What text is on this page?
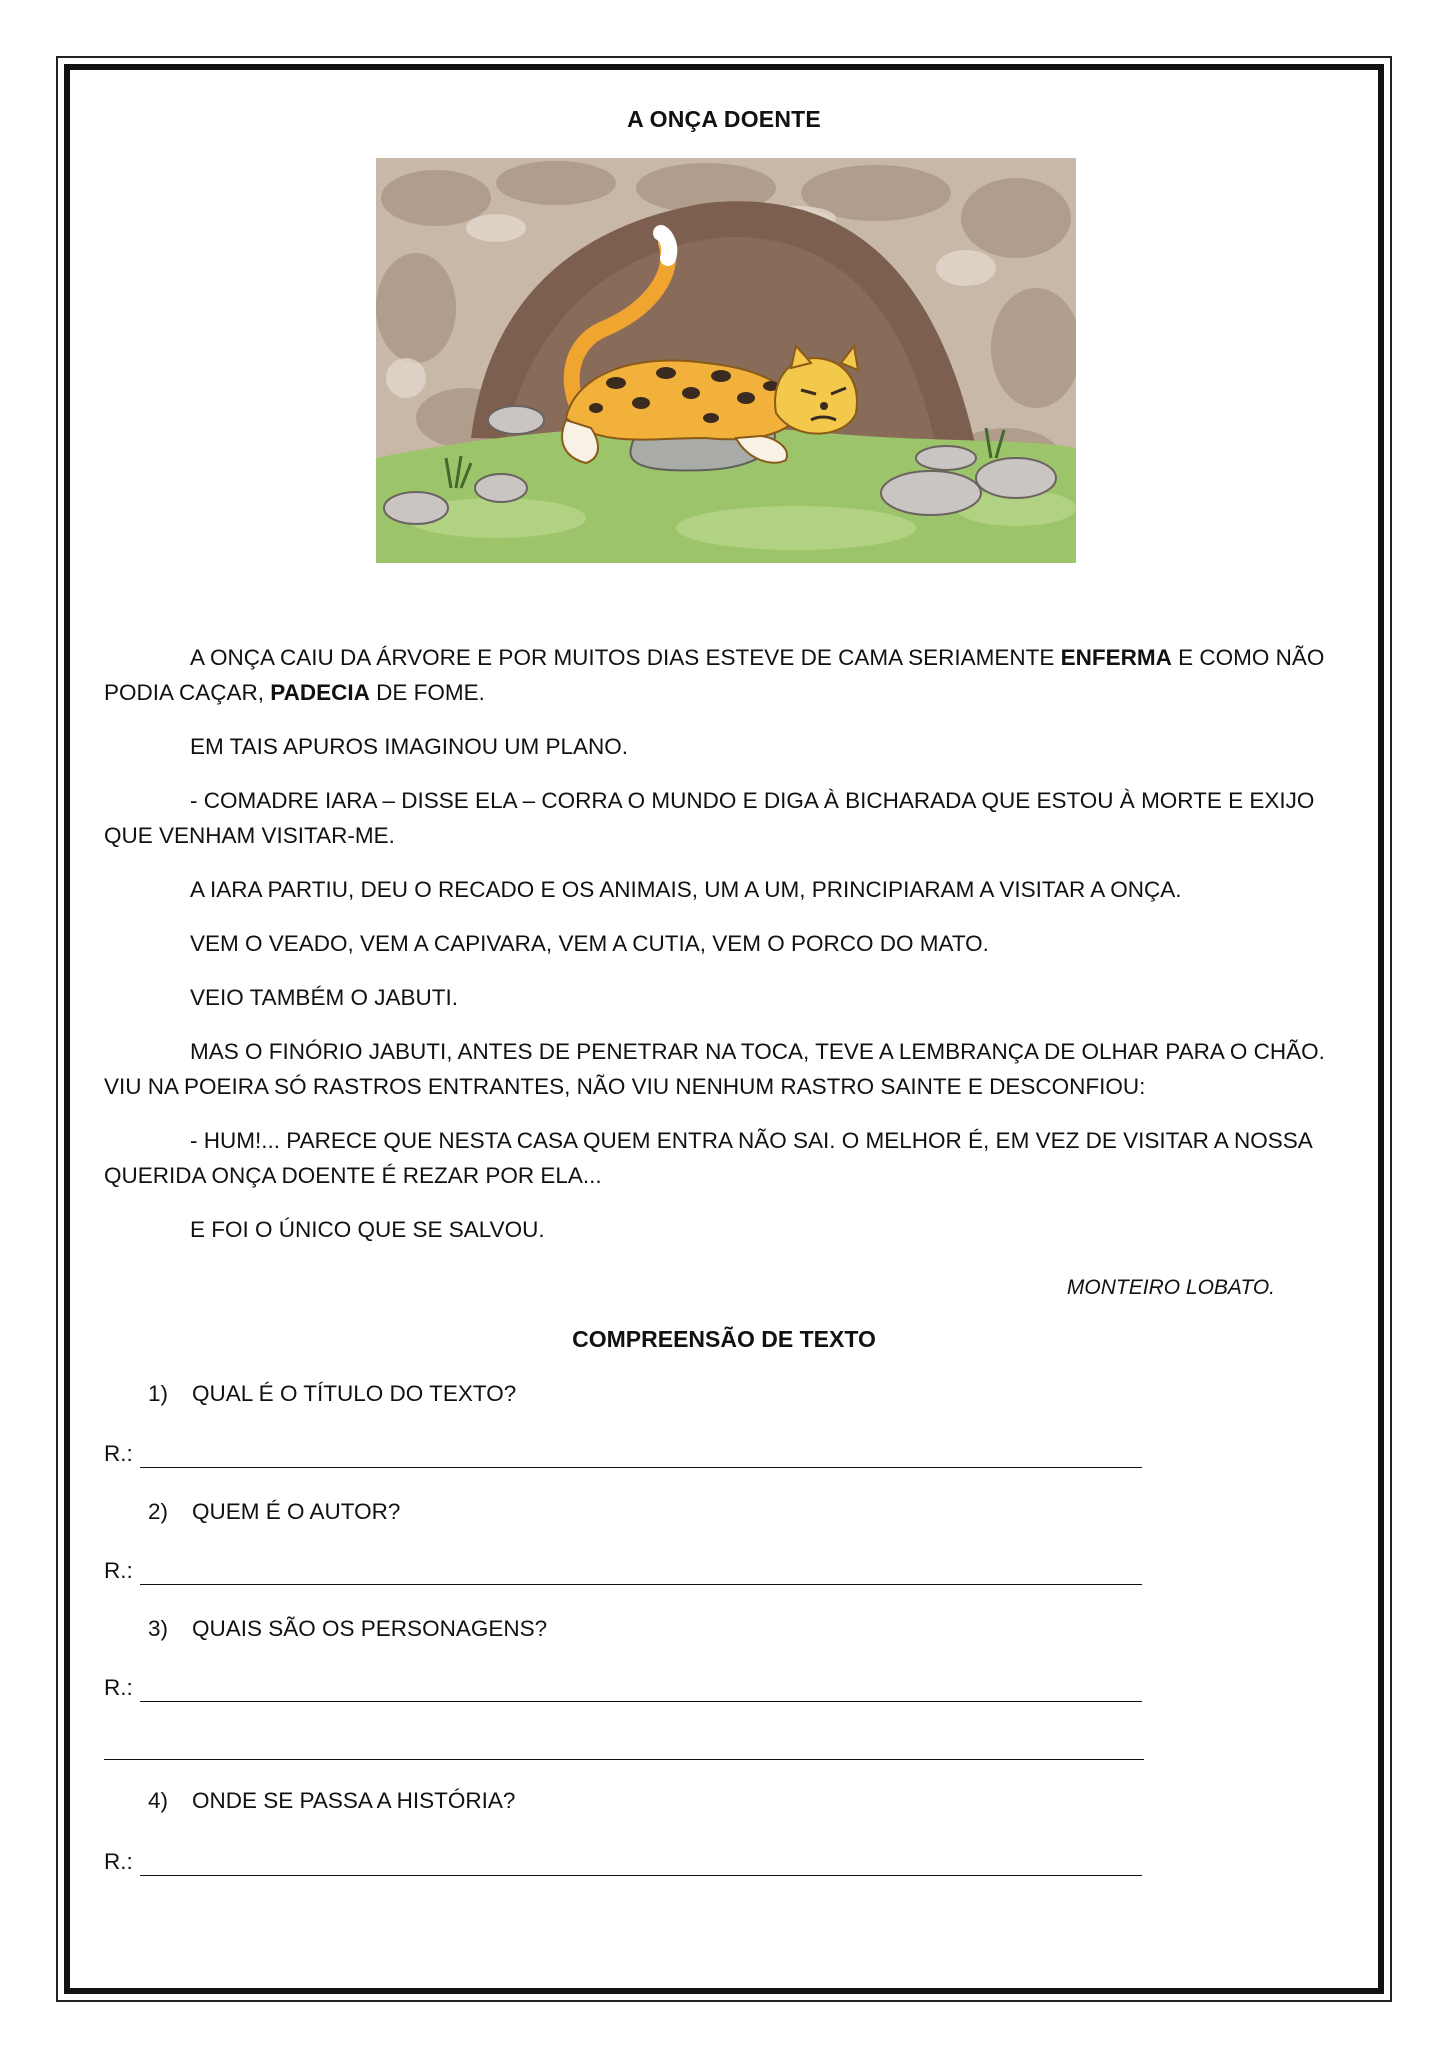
A ONÇA DOENTE

A ONÇA CAIU DA ÁRVORE E POR MUITOS DIAS ESTEVE DE CAMA SERIAMENTE ENFERMA E COMO NÃO PODIA CAÇAR, PADECIA DE FOME.

EM TAIS APUROS IMAGINOU UM PLANO.

- COMADRE IARA – DISSE ELA – CORRA O MUNDO E DIGA À BICHARADA QUE ESTOU À MORTE E EXIJO QUE VENHAM VISITAR-ME.

A IARA PARTIU, DEU O RECADO E OS ANIMAIS, UM A UM, PRINCIPIARAM A VISITAR A ONÇA.

VEM O VEADO, VEM A CAPIVARA, VEM A CUTIA, VEM O PORCO DO MATO.

VEIO TAMBÉM O JABUTI.

MAS O FINÓRIO JABUTI, ANTES DE PENETRAR NA TOCA, TEVE A LEMBRANÇA DE OLHAR PARA O CHÃO. VIU NA POEIRA SÓ RASTROS ENTRANTES, NÃO VIU NENHUM RASTRO SAINTE E DESCONFIOU:

- HUM!... PARECE QUE NESTA CASA QUEM ENTRA NÃO SAI. O MELHOR É, EM VEZ DE VISITAR A NOSSA QUERIDA ONÇA DOENTE É REZAR POR ELA...

E FOI O ÚNICO QUE SE SALVOU.

MONTEIRO LOBATO.
COMPREENSÃO DE TEXTO
1) QUAL É O TÍTULO DO TEXTO?
R.:
2) QUEM É O AUTOR?
R.:
3) QUAIS SÃO OS PERSONAGENS?
R.:
4) ONDE SE PASSA A HISTÓRIA?
R.:
